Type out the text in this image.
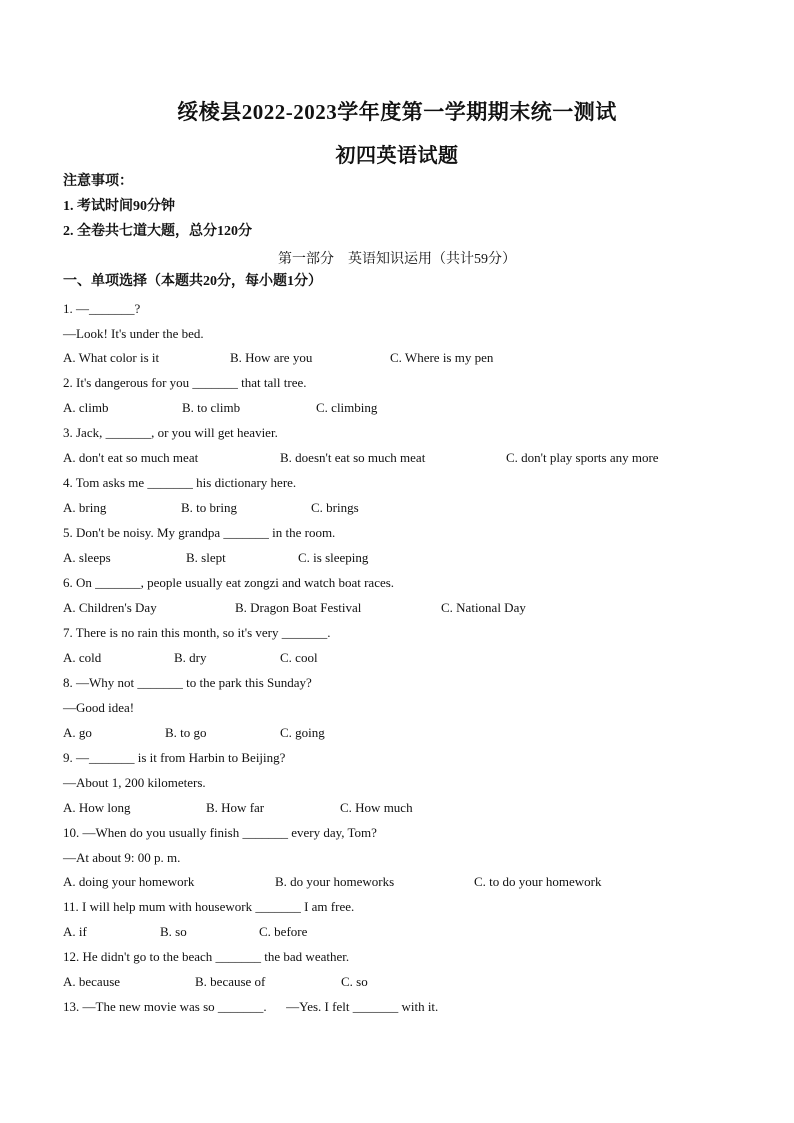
绥棱县2022-2023学年度第一学期期末统一测试
初四英语试题
注意事项：
1. 考试时间90分钟
2. 全卷共七道大题，总分120分
第一部分　英语知识运用（共计59分）
一、单项选择（本题共20分，每小题1分）
1. —_______?
—Look! It's under the bed.
A. What color is it	B. How are you	C. Where is my pen
2. It's dangerous for you _______ that tall tree.
A. climb	B. to climb	C. climbing
3. Jack, _______, or you will get heavier.
A. don't eat so much meat	B. doesn't eat so much meat	C. don't play sports any more
4. Tom asks me _______ his dictionary here.
A. bring	B. to bring	C. brings
5. Don't be noisy. My grandpa _______ in the room.
A. sleeps	B. slept	C. is sleeping
6. On _______, people usually eat zongzi and watch boat races.
A. Children's Day	B. Dragon Boat Festival	C. National Day
7. There is no rain this month, so it's very _______.
A. cold	B. dry	C. cool
8. —Why not _______ to the park this Sunday?
—Good idea!
A. go	B. to go	C. going
9. —_______ is it from Harbin to Beijing?
—About 1, 200 kilometers.
A. How long	B. How far	C. How much
10. —When do you usually finish _______ every day, Tom?
—At about 9: 00 p. m.
A. doing your homework	B. do your homeworks	C. to do your homework
11. I will help mum with housework _______ I am free.
A. if	B. so	C. before
12. He didn't go to the beach _______ the bad weather.
A. because	B. because of	C. so
13. —The new movie was so _______.      —Yes. I felt _______ with it.
